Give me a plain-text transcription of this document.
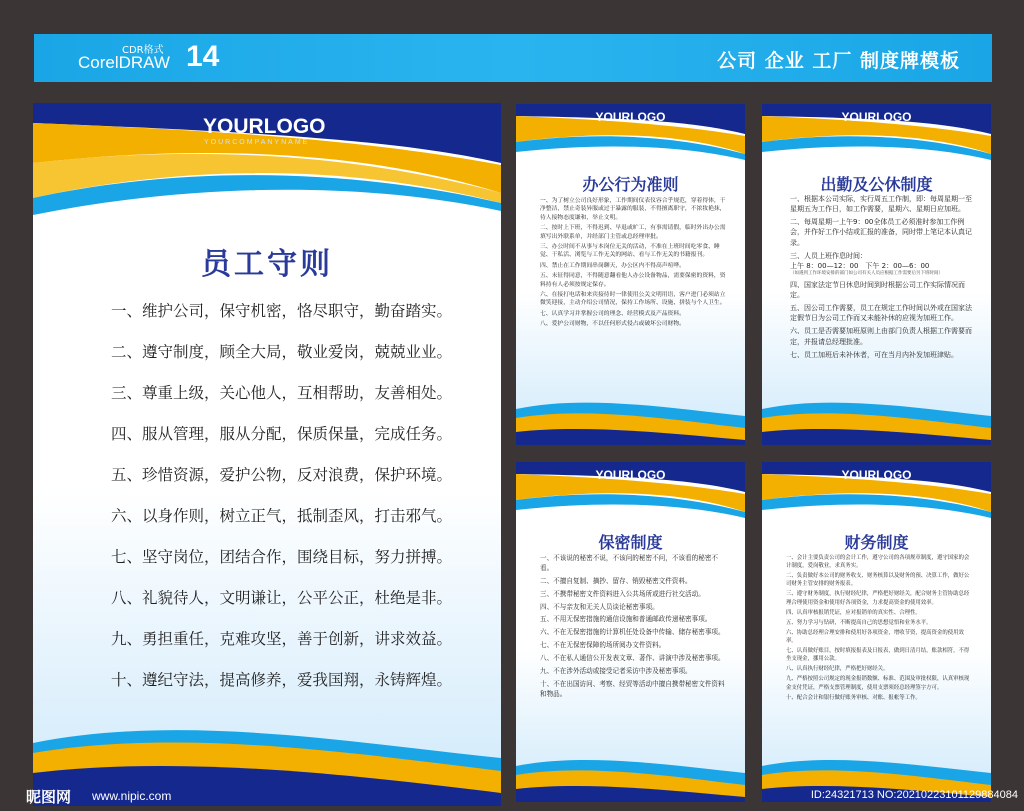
CDR格式
CorelDRAW 14	公司 企业 工厂 制度牌模板
YOURLOGO
YOURCOMPANYNAME
员工守则
一、维护公司，保守机密，恪尽职守，勤奋踏实。
二、遵守制度，顾全大局，敬业爱岗，兢兢业业。
三、尊重上级，关心他人，互相帮助，友善相处。
四、服从管理，服从分配，保质保量，完成任务。
五、珍惜资源，爱护公物，反对浪费，保护环境。
六、以身作则，树立正气，抵制歪风，打击邪气。
七、坚守岗位，团结合作，围绕目标，努力拼搏。
八、礼貌待人，文明谦让，公平公正，杜绝是非。
九、勇担重任，克难攻坚，善于创新，讲求效益。
十、遵纪守法，提高修养，爱我国翔，永铸辉煌。
YOURLOGO
办公行为准则
一、为了树立公司良好形象，工作期间仪表仪容合乎规范，穿着得体，干净整洁，禁止奇装异服或过于暴露的服装，不得擅离职守，不浓妆艳抹，待人接物态度谦和，举止文明。
二、按时上下班，不得迟到、早退或旷工，有事需请假，临时外出办公需填写出外联系单，并经部门主管或总经理审批。
三、办公时间不从事与本岗位无关的活动，不准在上班时间吃零食、睡觉、干私活、浏览与工作无关的网站、看与工作无关的书籍报刊。
四、禁止在工作期间串岗聊天，办公区内不得高声喧哗。
五、未征得同意，不得随意翻看他人办公设备物品，需要保密的资料，资料持有人必须按规定保存。
六、在接打电话和来宾接待时一律使用公关文明用语，客户进门必须站立微笑迎接，主动介绍公司情况，保持工作场所、设施、拼装与个人卫生。
七、认真学习并掌握公司的理念、经营模式及产品资料。
八、爱护公司财物，不以任何形式侵占或破坏公司财物。
YOURLOGO
出勤及公休制度
一、根据本公司实际，实行周五工作制，即：每周星期一至星期五为工作日，如工作需要，星期六、星期日应加班。
二、每周星期一上午9：00全体员工必须准时参加工作例会，并作好工作小结或汇报的准备，同时带上笔记本认真记录。
三、人员上班作息时间：
上午 8：00—12：00　下午 2：00—6：00
（如遇到工作环境安排的部门如公司有关人员应根据工作需要后另下班时间）
四、国家法定节日休息时间到时根据公司工作实际情况而定。
五、因公司工作需要，员工在规定工作时间以外或在国家法定假节日为公司工作而又未能补休的应视为加班工作。
六、员工是否需要加班原则上由部门负责人根据工作需要而定，并报请总经理批准。
七、员工加班后未补休者，可在当月内补发加班津贴。
YOURLOGO
保密制度
一、不该说的秘密不说，不该问的秘密不问，不该看的秘密不看。
二、不擅自复制、摘抄、留存、销毁秘密文件资料。
三、不携带秘密文件资料进入公共场所或进行社交活动。
四、不与亲友和无关人员谈论秘密事项。
五、不用无保密措施的通信设施和普通邮政传递秘密事项。
六、不在无保密措施的计算机任处设备中传输、储存秘密事项。
七、不在无保密保障的场所阅办文件资料。
八、不在私人通信公开发表文章、著作、讲演中涉及秘密事项。
九、不在涉外活动或接受记者采访中涉及秘密事项。
十、不在出国访问、考察、经贸等活动中擅自携带秘密文件资料和物品。
YOURLOGO
财务制度
一、会计主要负责公司的会计工作，遵守公司的各项规章制度，遵守国家的会计制度，爱岗敬业，求真务实。
二、负责做好本公司的财务收支、财务核算以及财务的预、决算工作，做好公司财务主管安排的财务报表。
三、遵守财务制度，执行财经纪律，严格把好财经关，配合财务主管协助总经理合理使用资金和使用好各项资金，力求提高资金的使用效率。
四、认真审核报销凭证，应对报销单的真实性、合理性。
五、努力学习与钻研，不断提高自己的思想觉悟和业务水平。
六、协助总经理合理安排和使用好各项资金，增收节资，提高资金的使用效率。
七、认真做好账目，按时填报报表及日报表，做到日清月结，账款相符，不得坐支现金，挪用公款。
八、认真执行财经纪律，严格把好财经关。
九、严格按照公司规定的现金报销数额、标准、范围及审批权限，认真审核现金支付凭证，严格支票管理制度，使用支票须经总经理签字方可。
十、配合会计和银行做好账务审核、对账、报帐等工作。
昵图网 www.nipic.com	ID:24321713 NO:20210223101129884084
